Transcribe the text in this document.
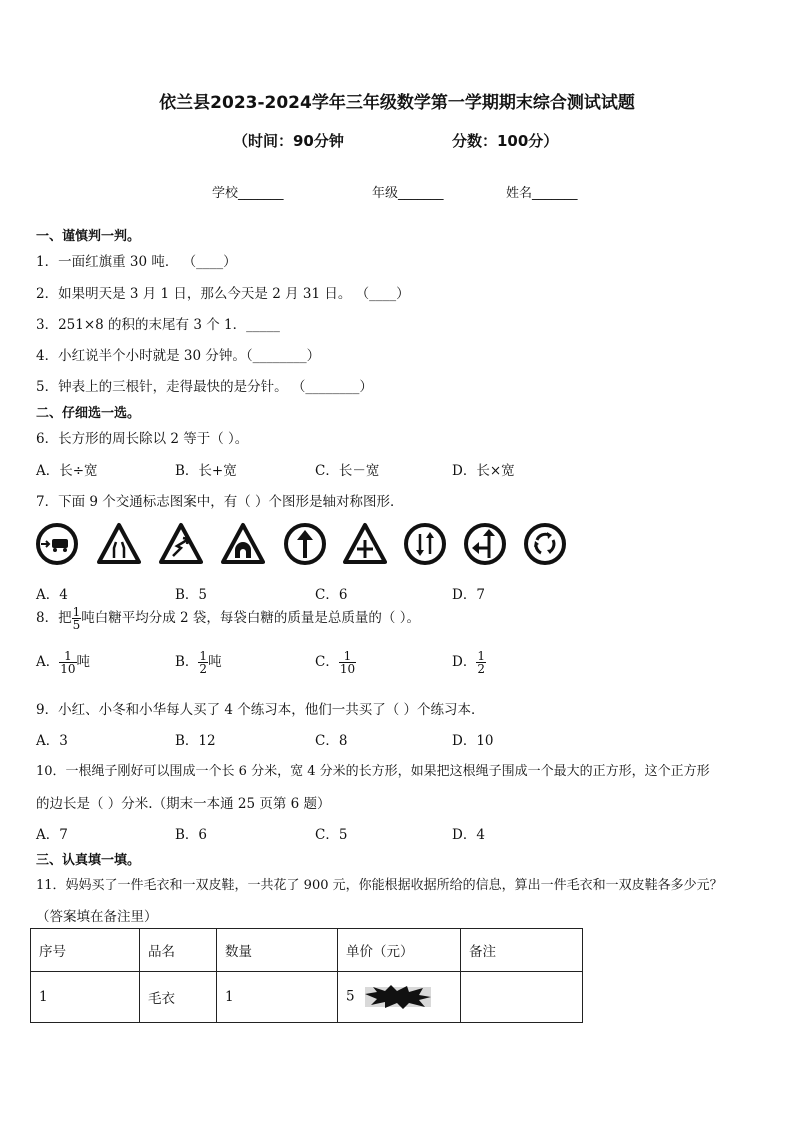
依兰县2023-2024学年三年级数学第一学期期末综合测试试题
（时间：90分钟	分数：100分）
学校_______	年级_______	姓名_______
一、谨慎判一判。
1．一面红旗重 30 吨． （____）
2．如果明天是 3 月 1 日，那么今天是 2 月 31 日。 （____）
3．251×8 的积的末尾有 3 个 1．_____
4．小红说半个小时就是 30 分钟。（________）
5．钟表上的三根针，走得最快的是分针。 （________）
二、仔细选一选。
6．长方形的周长除以 2 等于（ ）。
A．长÷宽	B．长+宽	C．长－宽	D．长×宽
7．下面 9 个交通标志图案中，有（ ）个图形是轴对称图形．
A．4	B．5	C．6	D．7
8．把 $\frac{1}{5}$ 吨白糖平均分成 2 袋，每袋白糖的质量是总质量的（ ）。
A． $\frac{1}{10}$ 吨	B． $\frac{1}{2}$ 吨	C． $\frac{1}{10}$	D． $\frac{1}{2}$
9．小红、小冬和小华每人买了 4 个练习本，他们一共买了（ ）个练习本．
A．3	B．12	C．8	D．10
10．一根绳子刚好可以围成一个长 6 分米，宽 4 分米的长方形，如果把这根绳子围成一个最大的正方形，这个正方形
的边长是（ ）分米.（期末一本通 25 页第 6 题）
A．7	B．6	C．5	D．4
三、认真填一填。
11．妈妈买了一件毛衣和一双皮鞋，一共花了 900 元，你能根据收据所给的信息，算出一件毛衣和一双皮鞋各多少元？
（答案填在备注里）
序号	品名	数量	单价（元）	备注
1	毛衣	1	5	
